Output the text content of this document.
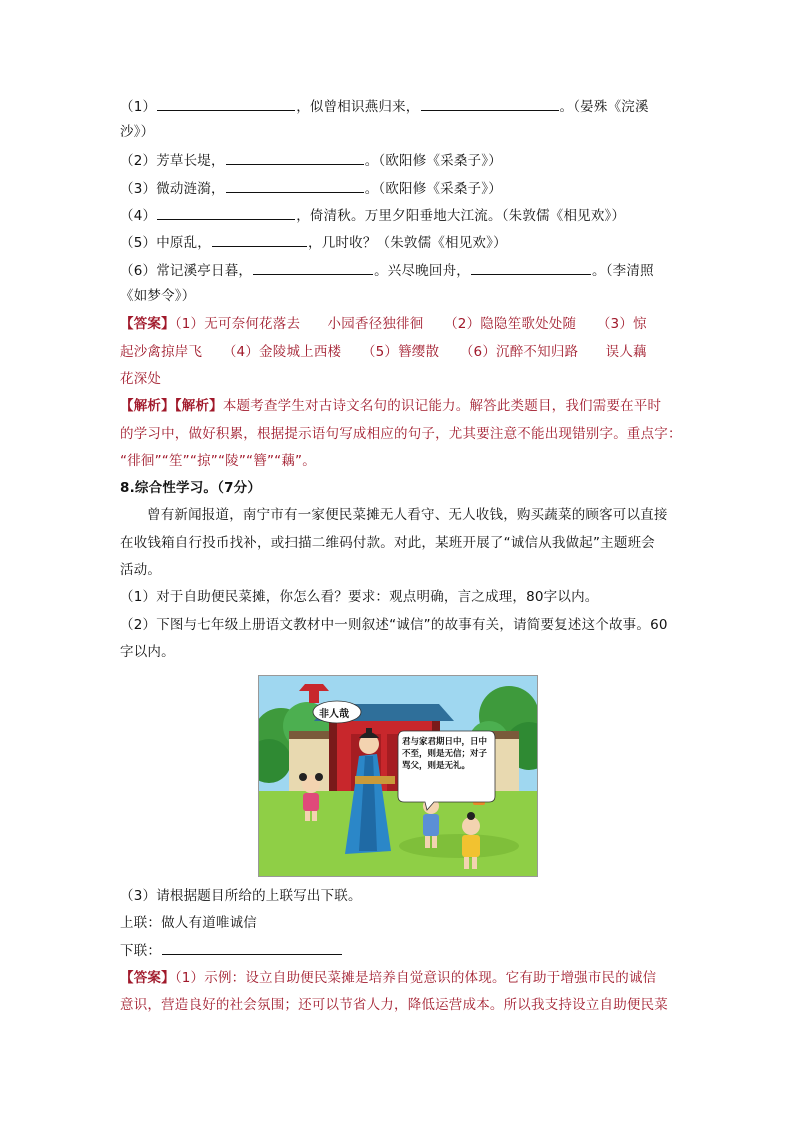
（1）	，似曾相识燕归来，	。（晏殊《浣溪
沙》）
（2）芳草长堤，	。（欧阳修《采桑子》）
（3）微动涟漪，	。（欧阳修《采桑子》）
（4）	，倚清秋。万里夕阳垂地大江流。（朱敦儒《相见欢》）
（5）中原乱，	，几时收？（朱敦儒《相见欢》）
（6）常记溪亭日暮，	。兴尽晚回舟，	。（李清照
《如梦令》）
【答案】（1）无可奈何花落去　　小园香径独徘徊　　（2）隐隐笙歌处处随　　（3）惊
起沙禽掠岸飞　　（4）金陵城上西楼　　（5）簪缨散　　（6）沉醉不知归路　　误人藕
花深处
【解析】【解析】本题考查学生对古诗文名句的识记能力。解答此类题目，我们需要在平时
的学习中，做好积累，根据提示语句写成相应的句子，尤其要注意不能出现错别字。重点字：
“徘徊”“笙”“掠”“陵”“簪”“藕”。
8.综合性学习。（7分）
曾有新闻报道，南宁市有一家便民菜摊无人看守、无人收钱，购买蔬菜的顾客可以直接
在收钱箱自行投币找补，或扫描二维码付款。对此，某班开展了“诚信从我做起”主题班会
活动。
（1）对于自助便民菜摊，你怎么看？要求：观点明确，言之成理，80字以内。
（2）下图与七年级上册语文教材中一则叙述“诚信”的故事有关，请简要复述这个故事。60
字以内。
非人哉
君与家君期日中，日中不至，则是无信；对子骂父，则是无礼。
（3）请根据题目所给的上联写出下联。
上联：做人有道唯诚信
下联：
【答案】（1）示例：设立自助便民菜摊是培养自觉意识的体现。它有助于增强市民的诚信
意识，营造良好的社会氛围；还可以节省人力，降低运营成本。所以我支持设立自助便民菜
